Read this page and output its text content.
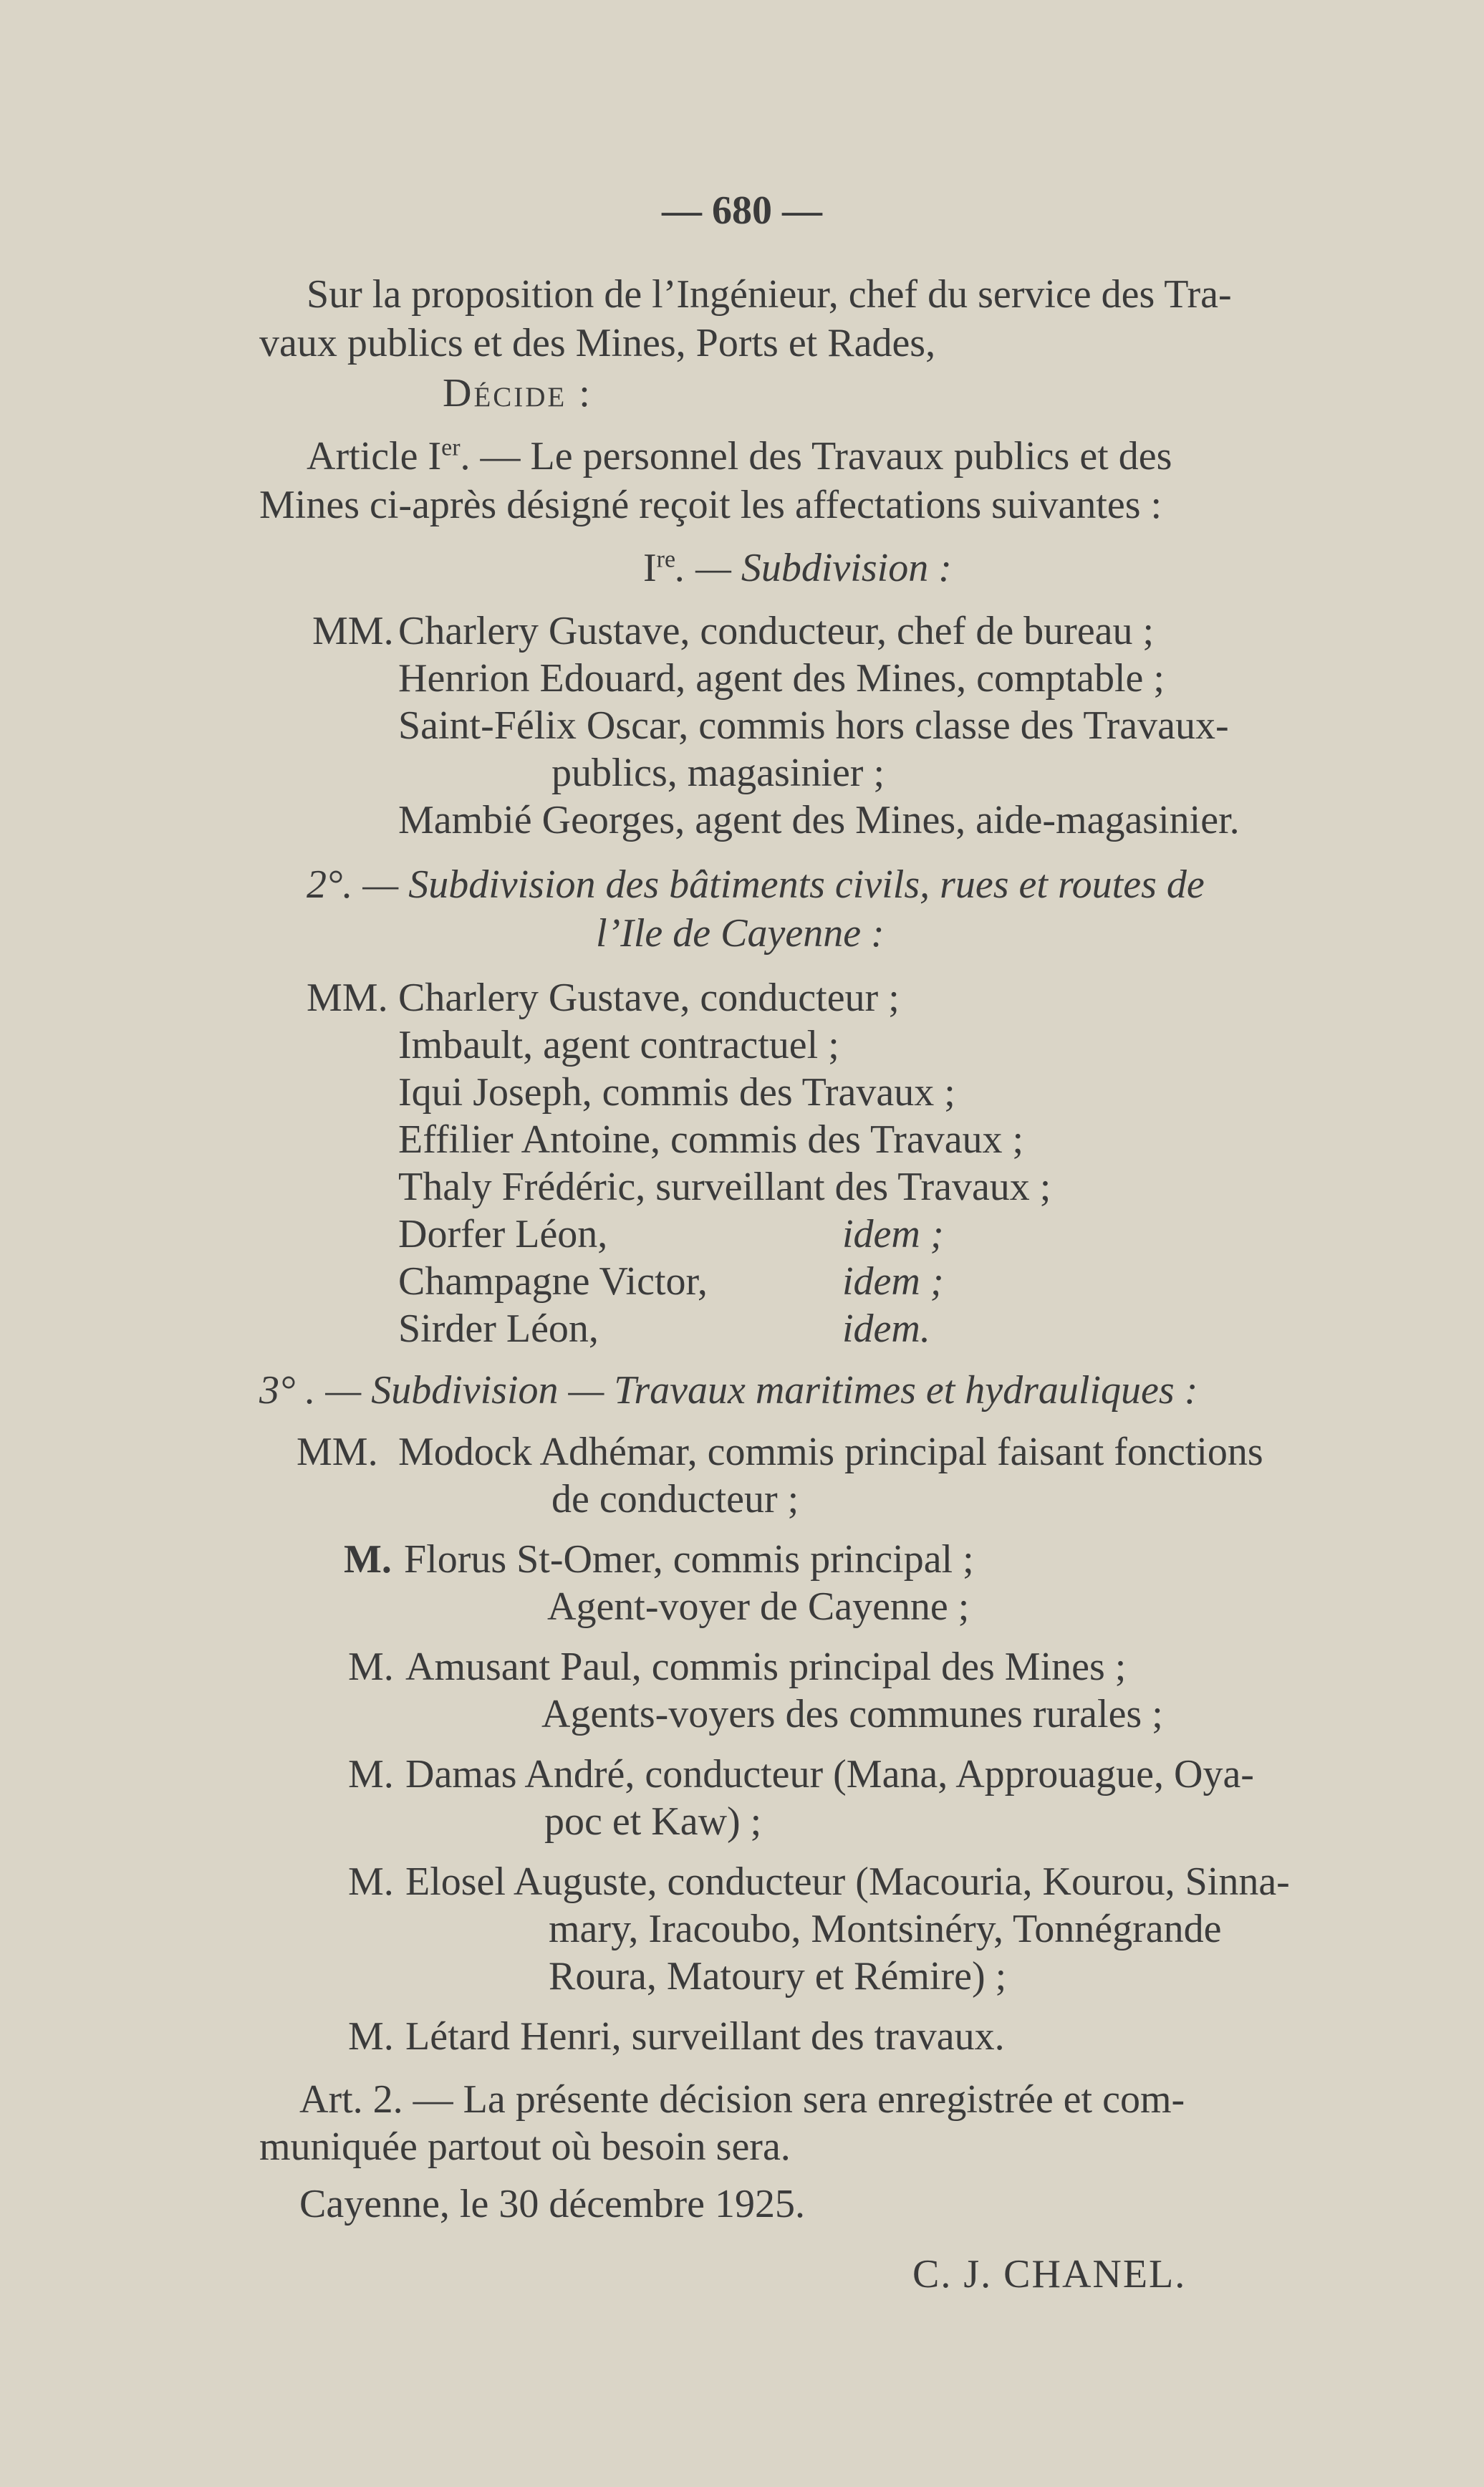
— 680 —
Sur la proposition de l’Ingénieur, chef du service des Tra-
vaux publics et des Mines, Ports et Rades,
Décide :
Article Ier. — Le personnel des Travaux publics et des
Mines ci-après désigné reçoit les affectations suivantes :
Ire. — Subdivision :
MM. Charlery Gustave, conducteur, chef de bureau ;
Henrion Edouard, agent des Mines, comptable ;
Saint-Félix Oscar, commis hors classe des Travaux-
publics, magasinier ;
Mambié Georges, agent des Mines, aide-magasinier.
2°. — Subdivision des bâtiments civils, rues et routes de
l’Ile de Cayenne :
MM. Charlery Gustave, conducteur ;
Imbault, agent contractuel ;
Iqui Joseph, commis des Travaux ;
Effilier Antoine, commis des Travaux ;
Thaly Frédéric, surveillant des Travaux ;
Dorfer Léon,	idem ;
Champagne Victor,	idem ;
Sirder Léon,	idem.
3° . — Subdivision — Travaux maritimes et hydrauliques :
MM. Modock Adhémar, commis principal faisant fonctions
de conducteur ;
M. Florus St-Omer, commis principal ;
Agent-voyer de Cayenne ;
M. Amusant Paul, commis principal des Mines ;
Agents-voyers des communes rurales ;
M. Damas André, conducteur (Mana, Approuague, Oya-
poc et Kaw) ;
M. Elosel Auguste, conducteur (Macouria, Kourou, Sinna-
mary, Iracoubo, Montsinéry, Tonnégrande
Roura, Matoury et Rémire) ;
M. Létard Henri, surveillant des travaux.
Art. 2. — La présente décision sera enregistrée et com-
muniquée partout où besoin sera.
Cayenne, le 30 décembre 1925.
C. J. CHANEL.
